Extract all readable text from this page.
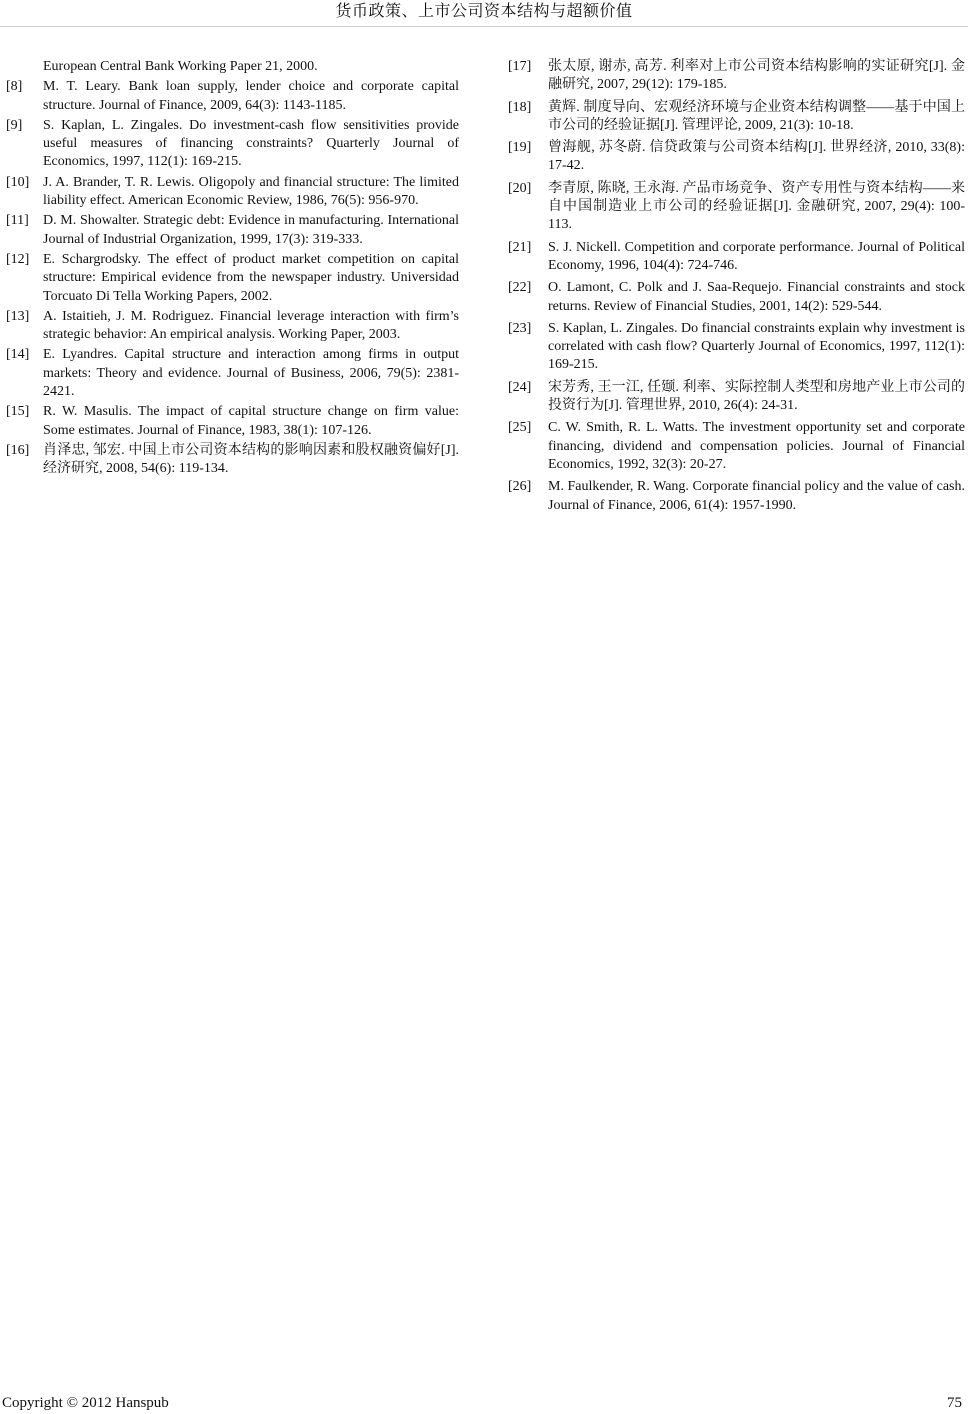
货币政策、上市公司资本结构与超额价值
European Central Bank Working Paper 21, 2000.
[8]	M. T. Leary. Bank loan supply, lender choice and corporate capital structure. Journal of Finance, 2009, 64(3): 1143-1185.
[9]	S. Kaplan, L. Zingales. Do investment-cash flow sensitivities provide useful measures of financing constraints? Quarterly Journal of Economics, 1997, 112(1): 169-215.
[10] J. A. Brander, T. R. Lewis. Oligopoly and financial structure: The limited liability effect. American Economic Review, 1986, 76(5): 956-970.
[11]	D. M. Showalter. Strategic debt: Evidence in manufacturing. International Journal of Industrial Organization, 1999, 17(3): 319-333.
[12] E. Schargrodsky. The effect of product market competition on capital structure: Empirical evidence from the newspaper industry. Universidad Torcuato Di Tella Working Papers, 2002.
[13] A. Istaitieh, J. M. Rodriguez. Financial leverage interaction with firm’s strategic behavior: An empirical analysis. Working Paper, 2003.
[14] E. Lyandres. Capital structure and interaction among firms in output markets: Theory and evidence. Journal of Business, 2006, 79(5): 2381-2421.
[15] R. W. Masulis. The impact of capital structure change on firm value: Some estimates. Journal of Finance, 1983, 38(1): 107-126.
[16] 肖泽忠, 邹宏. 中国上市公司资本结构的影响因素和股权融资偏好[J]. 经济研究, 2008, 54(6): 119-134.
[17]	张太原, 谢赤, 高芳. 利率对上市公司资本结构影响的实证研究[J]. 金融研究, 2007, 29(12): 179-185.
[18]	黄辉. 制度导向、宏观经济环境与企业资本结构调整——基于中国上市公司的经验证据[J]. 管理评论, 2009, 21(3): 10-18.
[19]	曾海舰, 苏冬蔚. 信贷政策与公司资本结构[J]. 世界经济, 2010, 33(8): 17-42.
[20]	李青原, 陈晓, 王永海. 产品市场竞争、资产专用性与资本结构——来自中国制造业上市公司的经验证据[J]. 金融研究, 2007, 29(4): 100-113.
[21]	S. J. Nickell. Competition and corporate performance. Journal of Political Economy, 1996, 104(4): 724-746.
[22]	O. Lamont, C. Polk and J. Saa-Requejo. Financial constraints and stock returns. Review of Financial Studies, 2001, 14(2): 529-544.
[23]	S. Kaplan, L. Zingales. Do financial constraints explain why investment is correlated with cash flow? Quarterly Journal of Economics, 1997, 112(1): 169-215.
[24]	宋芳秀, 王一江, 任颋. 利率、实际控制人类型和房地产业上市公司的投资行为[J]. 管理世界, 2010, 26(4): 24-31.
[25]	C. W. Smith, R. L. Watts. The investment opportunity set and corporate financing, dividend and compensation policies. Journal of Financial Economics, 1992, 32(3): 20-27.
[26]	M. Faulkender, R. Wang. Corporate financial policy and the value of cash. Journal of Finance, 2006, 61(4): 1957-1990.
Copyright © 2012 Hanspub	75
